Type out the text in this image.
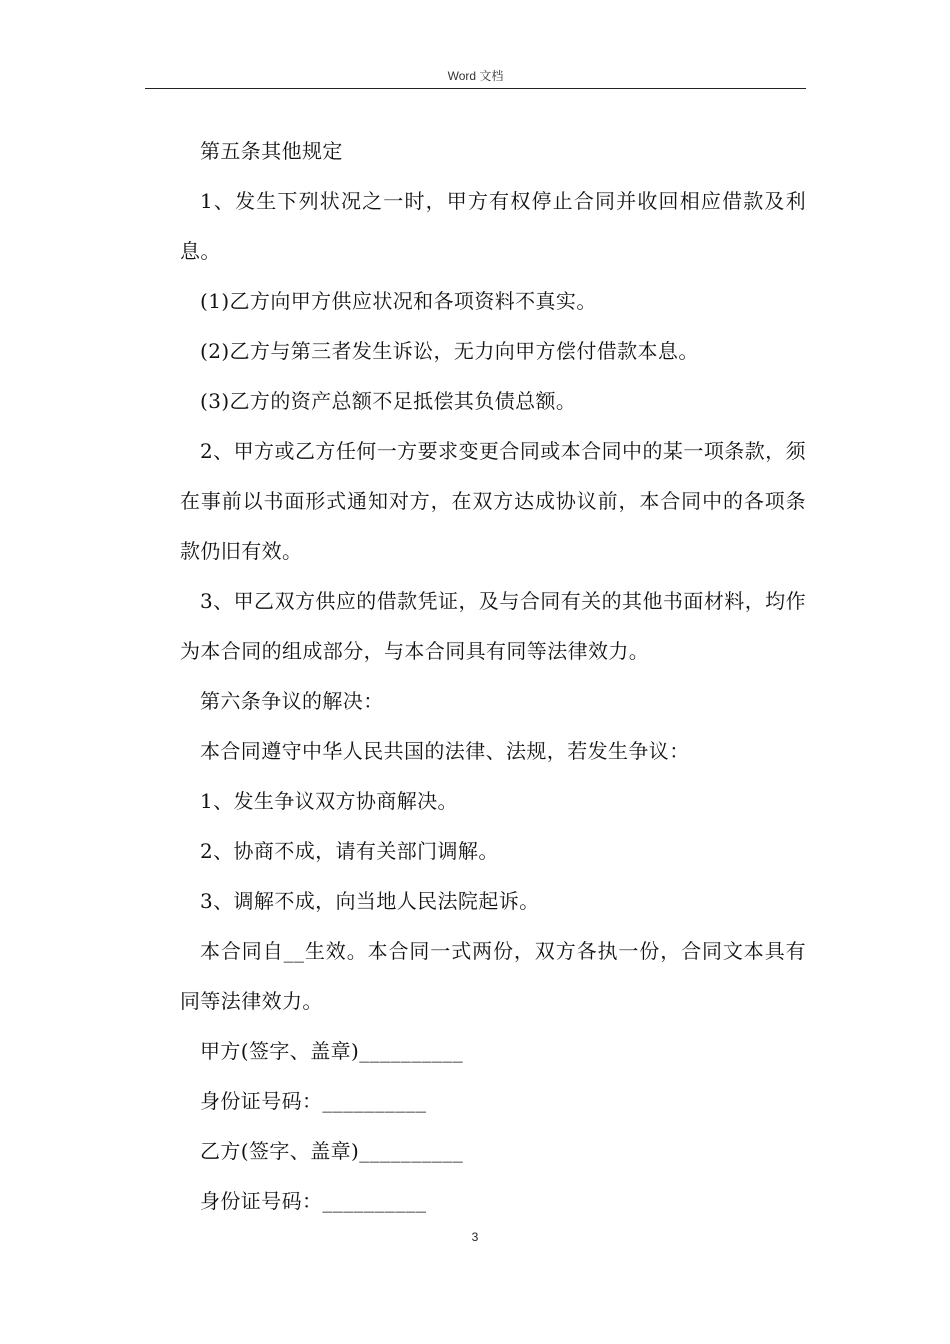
Word 文档

第五条其他规定

1、发生下列状况之一时，甲方有权停止合同并收回相应借款及利息。

(1)乙方向甲方供应状况和各项资料不真实。

(2)乙方与第三者发生诉讼，无力向甲方偿付借款本息。

(3)乙方的资产总额不足抵偿其负债总额。

2、甲方或乙方任何一方要求变更合同或本合同中的某一项条款，须在事前以书面形式通知对方，在双方达成协议前，本合同中的各项条款仍旧有效。

3、甲乙双方供应的借款凭证，及与合同有关的其他书面材料，均作为本合同的组成部分，与本合同具有同等法律效力。

第六条争议的解决：

本合同遵守中华人民共国的法律、法规，若发生争议：

1、发生争议双方协商解决。

2、协商不成，请有关部门调解。

3、调解不成，向当地人民法院起诉。

本合同自__生效。本合同一式两份，双方各执一份，合同文本具有同等法律效力。

甲方(签字、盖章)__________

身份证号码：__________

乙方(签字、盖章)__________

身份证号码：__________

3
